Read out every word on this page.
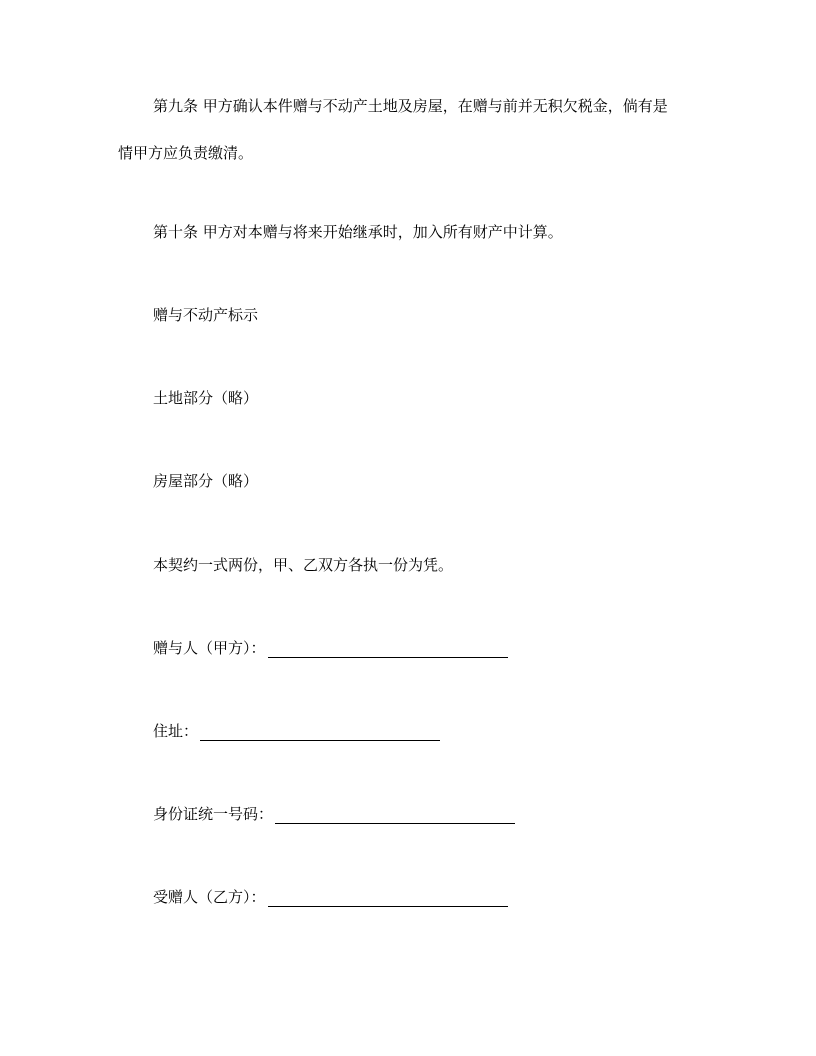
第九条 甲方确认本件赠与不动产土地及房屋，在赠与前并无积欠税金，倘有是
情甲方应负责缴清。
第十条 甲方对本赠与将来开始继承时，加入所有财产中计算。
赠与不动产标示
土地部分（略）
房屋部分（略）
本契约一式两份，甲、乙双方各执一份为凭。
赠与人（甲方）：
住址：
身份证统一号码：
受赠人（乙方）：
